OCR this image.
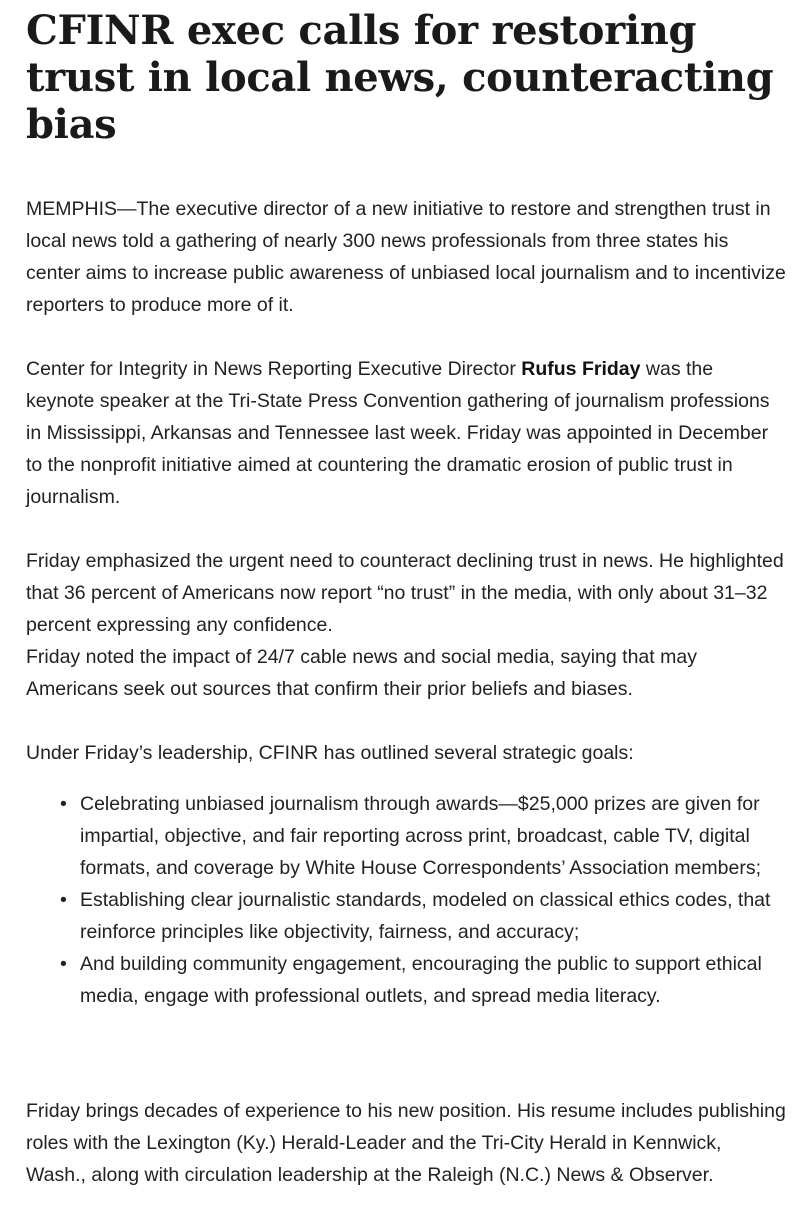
CFINR exec calls for restoring trust in local news, counteracting bias

MEMPHIS—The executive director of a new initiative to restore and strengthen trust in local news told a gathering of nearly 300 news professionals from three states his center aims to increase public awareness of unbiased local journalism and to incentivize reporters to produce more of it.

Center for Integrity in News Reporting Executive Director Rufus Friday was the keynote speaker at the Tri-State Press Convention gathering of journalism professions in Mississippi, Arkansas and Tennessee last week. Friday was appointed in December to the nonprofit initiative aimed at countering the dramatic erosion of public trust in journalism.

Friday emphasized the urgent need to counteract declining trust in news. He highlighted that 36 percent of Americans now report “no trust” in the media, with only about 31–32 percent expressing any confidence.

Friday noted the impact of 24/7 cable news and social media, saying that may Americans seek out sources that confirm their prior beliefs and biases.

Under Friday’s leadership, CFINR has outlined several strategic goals:

• Celebrating unbiased journalism through awards—$25,000 prizes are given for impartial, objective, and fair reporting across print, broadcast, cable TV, digital formats, and coverage by White House Correspondents’ Association members;
• Establishing clear journalistic standards, modeled on classical ethics codes, that reinforce principles like objectivity, fairness, and accuracy;
• And building community engagement, encouraging the public to support ethical media, engage with professional outlets, and spread media literacy.

Friday brings decades of experience to his new position. His resume includes publishing roles with the Lexington (Ky.) Herald-Leader and the Tri-City Herald in Kennwick, Wash., along with circulation leadership at the Raleigh (N.C.) News & Observer.
